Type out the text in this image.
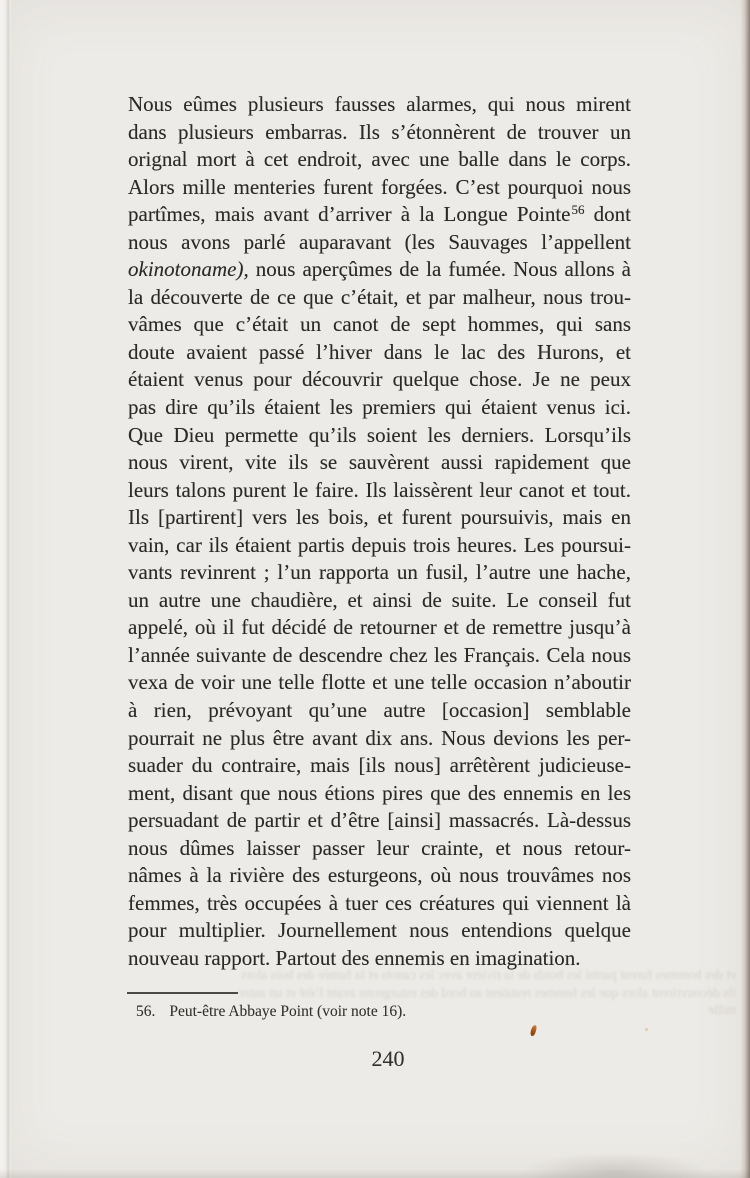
et des hommes furent parmi les bords de la rivière avec les canots et la fumée des bois alors
ils découvrirent alors que les femmes restaient au bord des esturgeons avant l’été et un autre
mille
Nous eûmes plusieurs fausses alarmes, qui nous mirent
dans plusieurs embarras. Ils s’étonnèrent de trouver un
orignal mort à cet endroit, avec une balle dans le corps.
Alors mille menteries furent forgées. C’est pourquoi nous
partîmes, mais avant d’arriver à la Longue Pointe$^{56}$ dont
nous avons parlé auparavant (les Sauvages l’appellent
okinotoname), nous aperçûmes de la fumée. Nous allons à
la découverte de ce que c’était, et par malheur, nous trou-
vâmes que c’était un canot de sept hommes, qui sans
doute avaient passé l’hiver dans le lac des Hurons, et
étaient venus pour découvrir quelque chose. Je ne peux
pas dire qu’ils étaient les premiers qui étaient venus ici.
Que Dieu permette qu’ils soient les derniers. Lorsqu’ils
nous virent, vite ils se sauvèrent aussi rapidement que
leurs talons purent le faire. Ils laissèrent leur canot et tout.
Ils [partirent] vers les bois, et furent poursuivis, mais en
vain, car ils étaient partis depuis trois heures. Les poursui-
vants revinrent ; l’un rapporta un fusil, l’autre une hache,
un autre une chaudière, et ainsi de suite. Le conseil fut
appelé, où il fut décidé de retourner et de remettre jusqu’à
l’année suivante de descendre chez les Français. Cela nous
vexa de voir une telle flotte et une telle occasion n’aboutir
à rien, prévoyant qu’une autre [occasion] semblable
pourrait ne plus être avant dix ans. Nous devions les per-
suader du contraire, mais [ils nous] arrêtèrent judicieuse-
ment, disant que nous étions pires que des ennemis en les
persuadant de partir et d’être [ainsi] massacrés. Là-dessus
nous dûmes laisser passer leur crainte, et nous retour-
nâmes à la rivière des esturgeons, où nous trouvâmes nos
femmes, très occupées à tuer ces créatures qui viennent là
pour multiplier. Journellement nous entendions quelque
nouveau rapport. Partout des ennemis en imagination.
56. Peut-être Abbaye Point (voir note 16).
240
